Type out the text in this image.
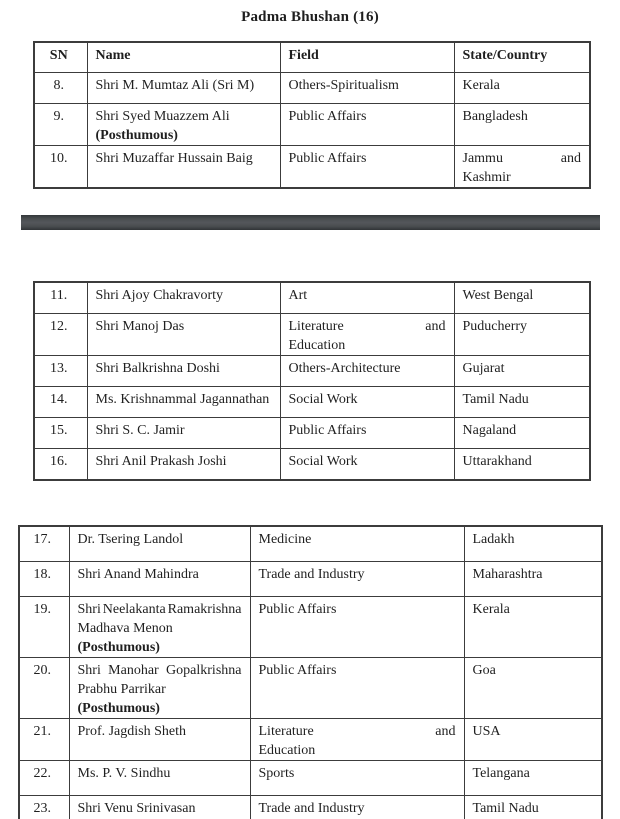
Padma Bhushan (16)
SN	Name	Field	State/Country

8.	Shri M. Mumtaz Ali (Sri M)	Others-Spiritualism	Kerala

9.	Shri Syed Muazzem Ali
(Posthumous)	Public Affairs	Bangladesh

10.	Shri Muzaffar Hussain Baig	Public Affairs	Jammu and
Kashmir
11.	Shri Ajoy Chakravorty	Art	West Bengal

12.	Shri Manoj Das	Literature and
Education	Puducherry

13.	Shri Balkrishna Doshi	Others-Architecture	Gujarat

14.	Ms. Krishnammal Jagannathan	Social Work	Tamil Nadu

15.	Shri S. C. Jamir	Public Affairs	Nagaland

16.	Shri Anil Prakash Joshi	Social Work	Uttarakhand
17.	Dr. Tsering Landol	Medicine	Ladakh

18.	Shri Anand Mahindra	Trade and Industry	Maharashtra

19.	Shri Neelakanta Ramakrishna
Madhava Menon (Posthumous)	Public Affairs	Kerala

20.	Shri Manohar Gopalkrishna
Prabhu Parrikar (Posthumous)	Public Affairs	Goa

21.	Prof. Jagdish Sheth	Literature and
Education	USA

22.	Ms. P. V. Sindhu	Sports	Telangana

23.	Shri Venu Srinivasan	Trade and Industry	Tamil Nadu
